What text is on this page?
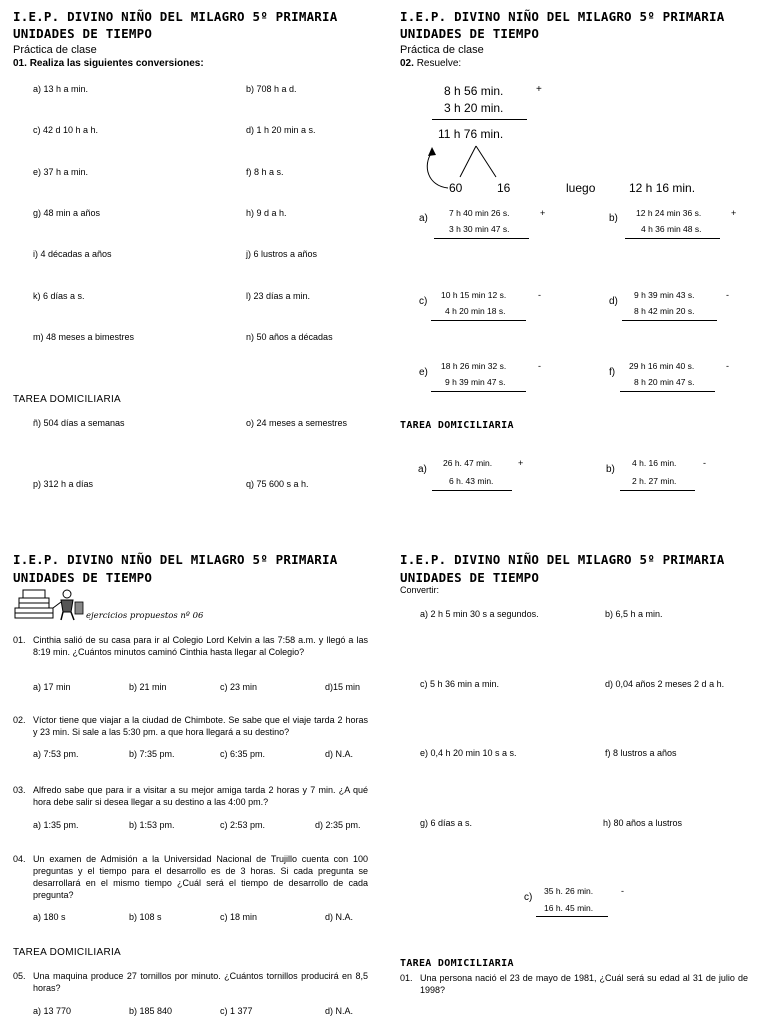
I.E.P. DIVINO NIÑO DEL MILAGRO 5º PRIMARIA
UNIDADES DE TIEMPO
Práctica de clase
01. Realiza las siguientes conversiones:
a) 13 h a min.	b) 708 h a d.
c) 42 d 10 h a h.	d) 1 h 20 min a s.
e) 37 h a min.	f) 8 h a s.
g) 48 min a años	h) 9 d a h.
i) 4 décadas a años	j) 6 lustros a años
k) 6 días a s.	l) 23 días a min.
m) 48 meses a bimestres	n) 50 años a décadas
TAREA DOMICILIARIA
ñ) 504 días a semanas	o) 24 meses a semestres
p) 312 h a días	q) 75 600 s a h.
I.E.P. DIVINO NIÑO DEL MILAGRO 5º PRIMARIA
UNIDADES DE TIEMPO
Práctica de clase
02. Resuelve:
8 h 56 min.	+
3 h 20 min.
11 h 76 min.
60	16	luego	12 h 16 min.
a) 7 h 40 min 26 s.	+
3 h 30 min 47 s.
b) 12 h 24 min 36 s.	+
4 h 36 min 48 s.
c)
10 h 15 min 12 s.	-
4 h 20 min 18 s.
d)
9 h 39 min 43 s.	-
8 h 42 min 20 s.
e)
18 h 26 min 32 s.	-
9 h 39 min 47 s.
f)
29 h 16 min 40 s.	-
8 h 20 min 47 s.
TAREA DOMICILIARIA
a)
26 h. 47 min.	+
6 h. 43 min.
b)
4 h. 16 min.	-
2 h. 27 min.
I.E.P. DIVINO NIÑO DEL MILAGRO 5º PRIMARIA
UNIDADES DE TIEMPO
ejercicios propuestos nº 06
01. Cinthia salió de su casa para ir al Colegio Lord Kelvin a las 7:58 a.m. y llegó a las 8:19 min. ¿Cuántos minutos caminó Cinthia hasta llegar al Colegio?
a) 17 min	b) 21 min	c) 23 min	d)15 min
02. Víctor tiene que viajar a la ciudad de Chimbote. Se sabe que el viaje tarda 2 horas y 23 min. Si sale a las 5:30 pm. a que hora llegará a su destino?
a) 7:53 pm.	b) 7:35 pm.	c) 6:35 pm.	d) N.A.
03. Alfredo sabe que para ir a visitar a su mejor amiga tarda 2 horas y 7 min. ¿A qué hora debe salir si desea llegar a su destino a las 4:00 pm.?
a) 1:35 pm.	b) 1:53 pm.	c) 2:53 pm.	d) 2:35 pm.
04. Un examen de Admisión a la Universidad Nacional de Trujillo cuenta con 100 preguntas y el tiempo para el desarrollo es de 3 horas. Si cada pregunta se desarrollará en el mismo tiempo ¿Cuál será el tiempo de desarrollo de cada pregunta?
a) 180 s	b) 108 s	c) 18 min	d) N.A.
TAREA DOMICILIARIA
05. Una maquina produce 27 tornillos por minuto. ¿Cuántos tornillos producirá en 8,5 horas?
a) 13 770	b) 185 840	c) 1 377	d) N.A.
I.E.P. DIVINO NIÑO DEL MILAGRO 5º PRIMARIA
UNIDADES DE TIEMPO
Convertir:
a) 2 h 5 min 30 s a segundos.	b) 6,5 h a min.
c) 5 h 36 min a min.	d) 0,04 años 2 meses 2 d a h.
e) 0,4 h 20 min 10 s a s.	f) 8 lustros a años
g) 6 días a s.	h) 80 años a lustros
c)
35 h. 26 min.	-
16 h. 45 min.
TAREA DOMICILIARIA
01. Una persona nació el 23 de mayo de 1981, ¿Cuál será su edad al 31 de julio de 1998?
